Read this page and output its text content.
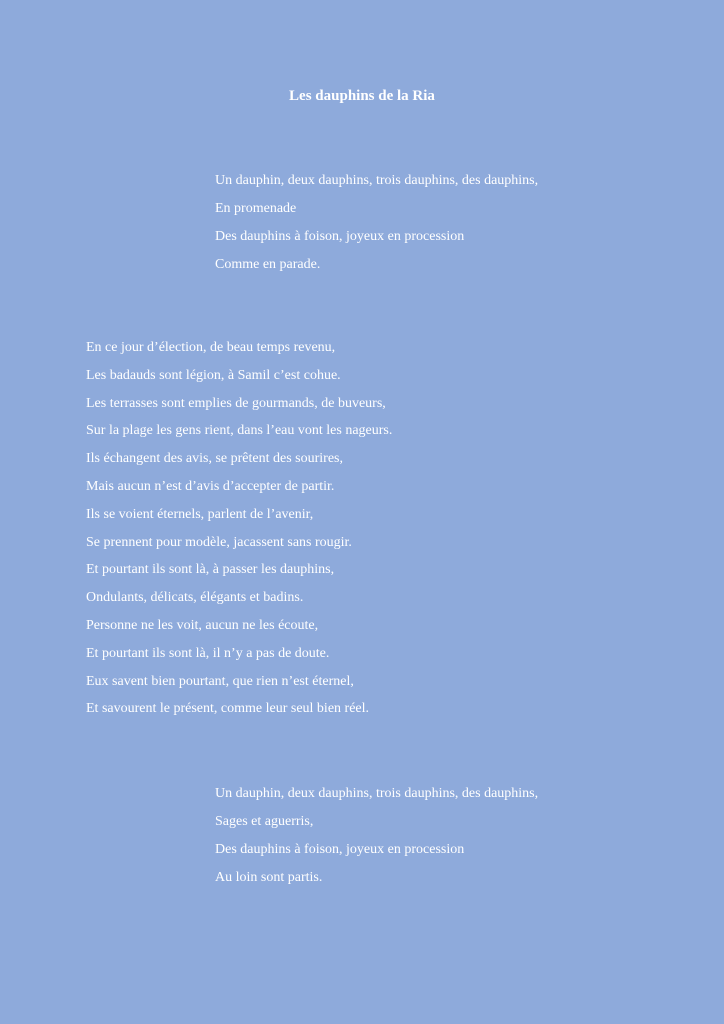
Les dauphins de la Ria
Un dauphin, deux dauphins, trois dauphins, des dauphins,
En promenade
Des dauphins à foison, joyeux en procession
Comme en parade.
En ce jour d’élection, de beau temps revenu,
Les badauds sont légion, à Samil c’est cohue.
Les terrasses sont emplies de gourmands, de buveurs,
Sur la plage les gens rient, dans l’eau vont les nageurs.
Ils échangent des avis, se prêtent des sourires,
Mais aucun n’est d’avis d’accepter de partir.
Ils se voient éternels, parlent de l’avenir,
Se prennent pour modèle, jacassent sans rougir.
Et pourtant ils sont là, à passer les dauphins,
Ondulants, délicats, élégants et badins.
Personne ne les voit, aucun ne les écoute,
Et pourtant ils sont là, il n’y a pas de doute.
Eux savent bien pourtant, que rien n’est éternel,
Et savourent le présent, comme leur seul bien réel.
Un dauphin, deux dauphins, trois dauphins, des dauphins,
Sages et aguerris,
Des dauphins à foison, joyeux en procession
Au loin sont partis.
